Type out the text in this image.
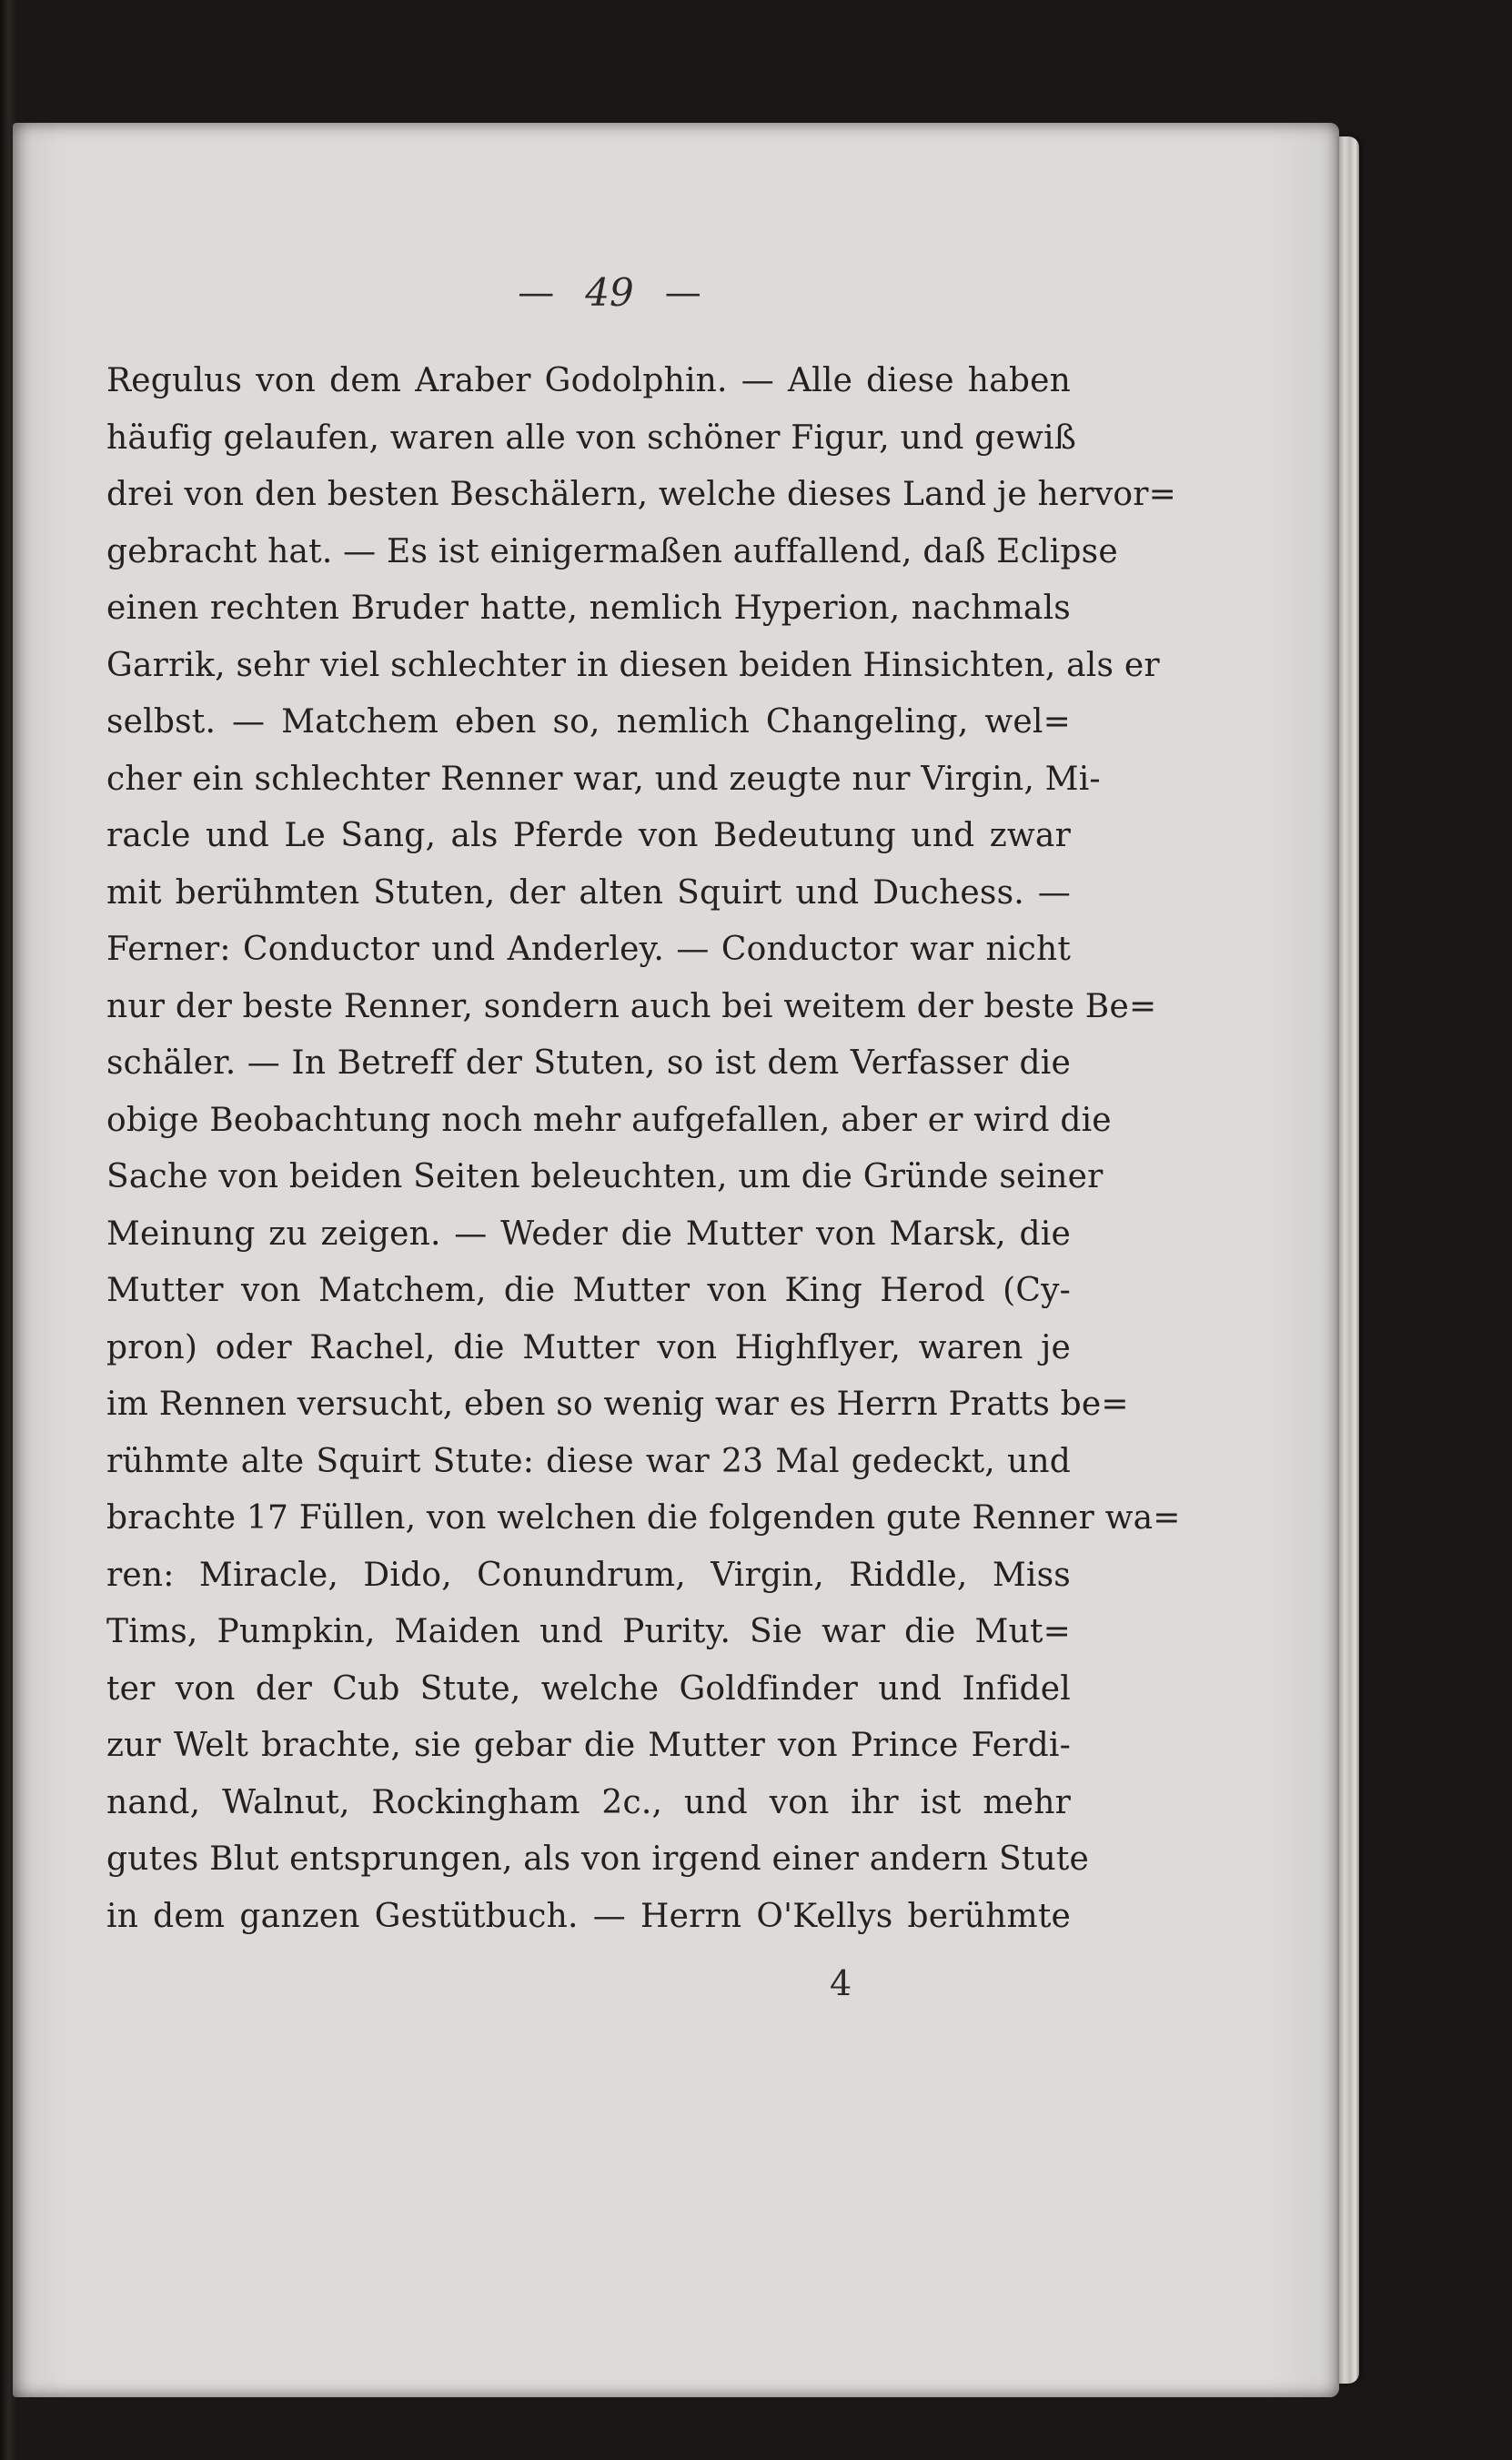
— 49 —
Regulus von dem Araber Godolphin. — Alle diese haben
häufig gelaufen, waren alle von schöner Figur, und gewiß
drei von den besten Beschälern, welche dieses Land je hervor=
gebracht hat. — Es ist einigermaßen auffallend, daß Eclipse
einen rechten Bruder hatte, nemlich Hyperion, nachmals
Garrik, sehr viel schlechter in diesen beiden Hinsichten, als er
selbst. — Matchem eben so, nemlich Changeling, wel=
cher ein schlechter Renner war, und zeugte nur Virgin, Mi-
racle und Le Sang, als Pferde von Bedeutung und zwar
mit berühmten Stuten, der alten Squirt und Duchess. —
Ferner: Conductor und Anderley. — Conductor war nicht
nur der beste Renner, sondern auch bei weitem der beste Be=
schäler. — In Betreff der Stuten, so ist dem Verfasser die
obige Beobachtung noch mehr aufgefallen, aber er wird die
Sache von beiden Seiten beleuchten, um die Gründe seiner
Meinung zu zeigen. — Weder die Mutter von Marsk, die
Mutter von Matchem, die Mutter von King Herod (Cy-
pron) oder Rachel, die Mutter von Highflyer, waren je
im Rennen versucht, eben so wenig war es Herrn Pratts be=
rühmte alte Squirt Stute: diese war 23 Mal gedeckt, und
brachte 17 Füllen, von welchen die folgenden gute Renner wa=
ren: Miracle, Dido, Conundrum, Virgin, Riddle, Miss
Tims, Pumpkin, Maiden und Purity. Sie war die Mut=
ter von der Cub Stute, welche Goldfinder und Infidel
zur Welt brachte, sie gebar die Mutter von Prince Ferdi-
nand, Walnut, Rockingham 2c., und von ihr ist mehr
gutes Blut entsprungen, als von irgend einer andern Stute
in dem ganzen Gestütbuch. — Herrn O'Kellys berühmte
4
